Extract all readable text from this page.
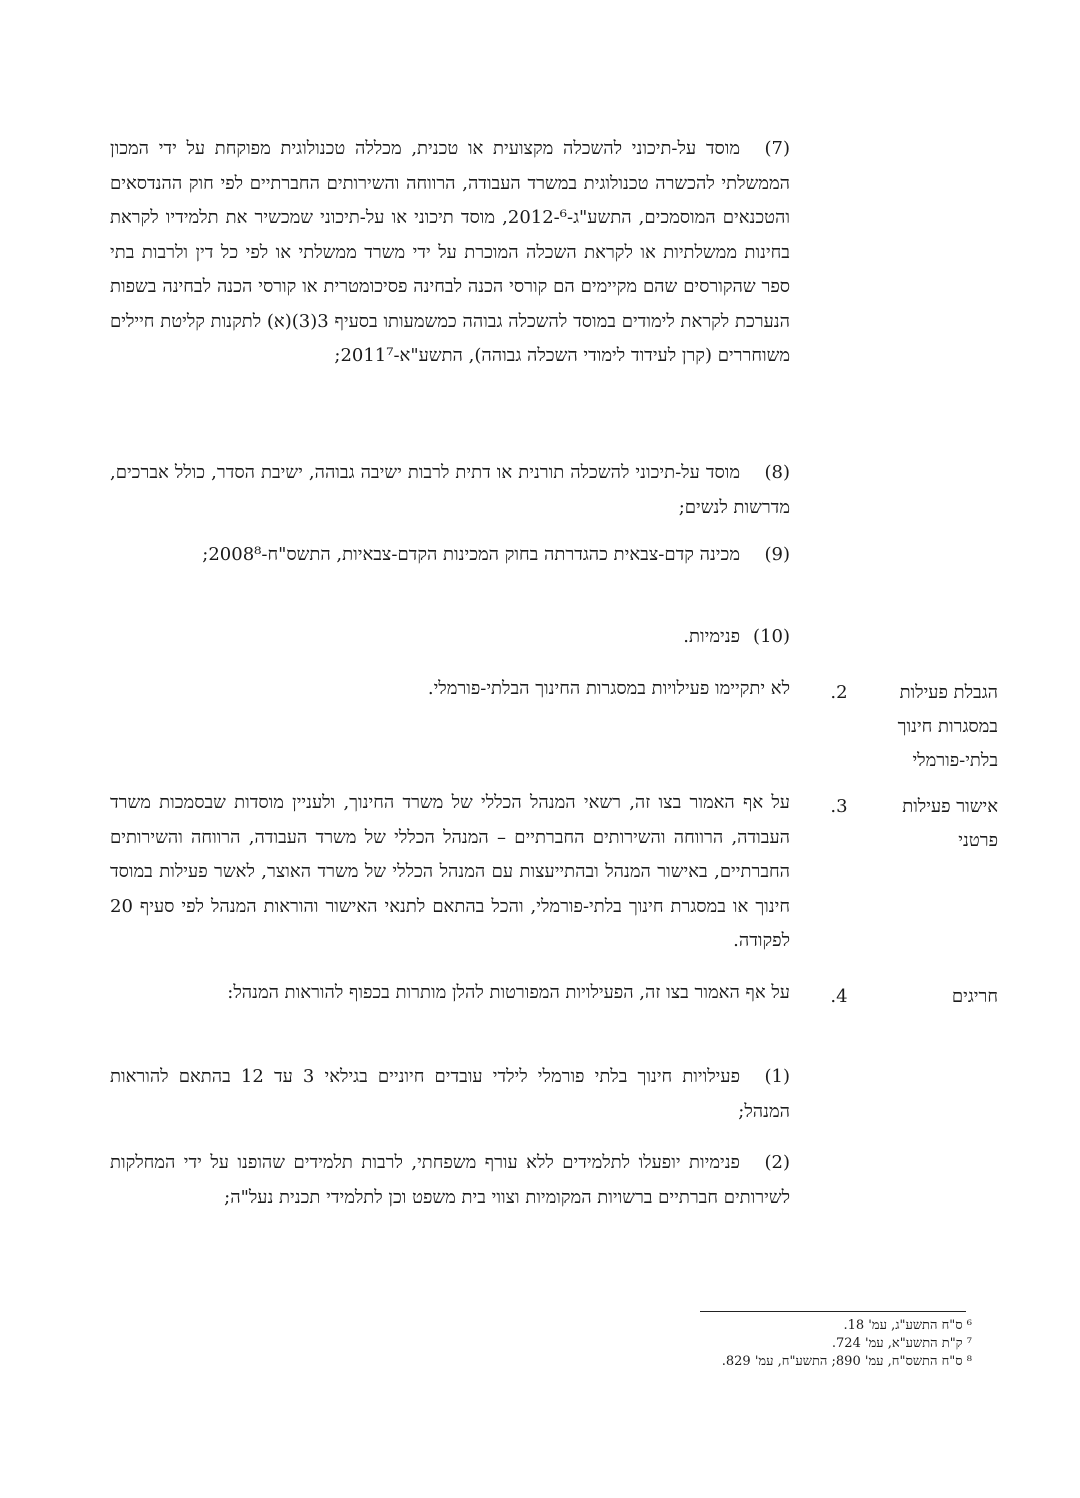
(7)מוסד על-תיכוני להשכלה מקצועית או טכנית, מכללה טכנולוגית מפוקחת על ידי המכון הממשלתי להכשרה טכנולוגית במשרד העבודה, הרווחה והשירותים החברתיים לפי חוק ההנדסאים והטכנאים המוסמכים, התשע"ג-2012-⁶, מוסד תיכוני או על-תיכוני שמכשיר את תלמידיו לקראת בחינות ממשלתיות או לקראת השכלה המוכרת על ידי משרד ממשלתי או לפי כל דין ולרבות בתי ספר שהקורסים שהם מקיימים הם קורסי הכנה לבחינה פסיכומטרית או קורסי הכנה לבחינה בשפות הנערכת לקראת לימודים במוסד להשכלה גבוהה כמשמעותו בסעיף 3(3)(א) לתקנות קליטת חיילים משוחררים (קרן לעידוד לימודי השכלה גבוהה), התשע"א-2011⁷;
(8)מוסד על-תיכוני להשכלה תורנית או דתית לרבות ישיבה גבוהה, ישיבת הסדר, כולל אברכים, מדרשות לנשים;
(9)מכינה קדם-צבאית כהגדרתה בחוק המכינות הקדם-צבאיות, התשס"ח-2008⁸;
(10)פנימיות.
הגבלת פעילות במסגרות חינוך בלתי-פורמלי
2.
לא יתקיימו פעילויות במסגרות החינוך הבלתי-פורמלי.
אישור פעילות פרטני
3.
על אף האמור בצו זה, רשאי המנהל הכללי של משרד החינוך, ולעניין מוסדות שבסמכות משרד העבודה, הרווחה והשירותים החברתיים – המנהל הכללי של משרד העבודה, הרווחה והשירותים החברתיים, באישור המנהל ובהתייעצות עם המנהל הכללי של משרד האוצר, לאשר פעילות במוסד חינוך או במסגרת חינוך בלתי-פורמלי, והכל בהתאם לתנאי האישור והוראות המנהל לפי סעיף 20 לפקודה.
חריגים
4.
על אף האמור בצו זה, הפעילויות המפורטות להלן מותרות בכפוף להוראות המנהל:
(1)פעילויות חינוך בלתי פורמלי לילדי עובדים חיוניים בגילאי 3 עד 12 בהתאם להוראות המנהל;
(2)פנימיות יופעלו לתלמידים ללא עורף משפחתי, לרבות תלמידים שהופנו על ידי המחלקות לשירותים חברתיים ברשויות המקומיות וצווי בית משפט וכן לתלמידי תכנית נעל"ה;
⁶ ס"ח התשע"ג, עמ' 18.
⁷ ק"ת התשע"א, עמ' 724.
⁸ ס"ח התשס"ח, עמ' 890; התשע"ח, עמ' 829.
